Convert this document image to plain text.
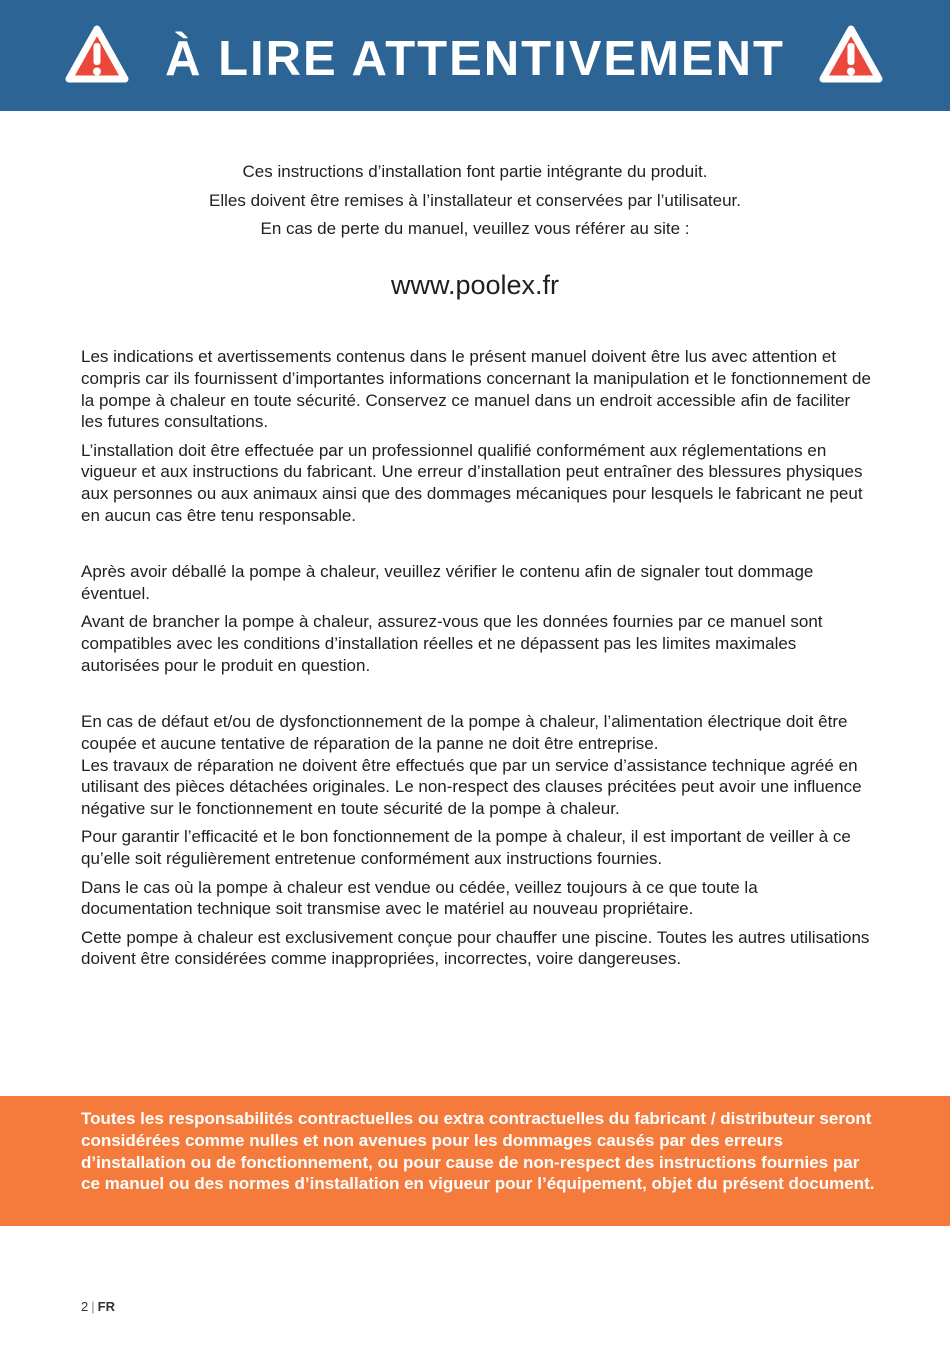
À LIRE ATTENTIVEMENT

Ces instructions d’installation font partie intégrante du produit.

Elles doivent être remises à l’installateur et conservées par l’utilisateur.

En cas de perte du manuel, veuillez vous référer au site :

www.poolex.fr

Les indications et avertissements contenus dans le présent manuel doivent être lus avec attention et compris car ils fournissent d’importantes informations concernant la manipulation et le fonctionnement de la pompe à chaleur en toute sécurité. Conservez ce manuel dans un endroit accessible afin de faciliter les futures consultations.

L’installation doit être effectuée par un professionnel qualifié conformément aux réglementations en vigueur et aux instructions du fabricant. Une erreur d’installation peut entraîner des blessures physiques aux personnes ou aux animaux ainsi que des dommages mécaniques pour lesquels le fabricant ne peut en aucun cas être tenu responsable.

Après avoir déballé la pompe à chaleur, veuillez vérifier le contenu afin de signaler tout dommage éventuel.

Avant de brancher la pompe à chaleur, assurez-vous que les données fournies par ce manuel sont compatibles avec les conditions d’installation réelles et ne dépassent pas les limites maximales autorisées pour le produit en question.

En cas de défaut et/ou de dysfonctionnement de la pompe à chaleur, l’alimentation électrique doit être coupée et aucune tentative de réparation de la panne ne doit être entreprise.
Les travaux de réparation ne doivent être effectués que par un service d’assistance technique agréé en utilisant des pièces détachées originales. Le non-respect des clauses précitées peut avoir une influence négative sur le fonctionnement en toute sécurité de la pompe à chaleur.

Pour garantir l’efficacité et le bon fonctionnement de la pompe à chaleur, il est important de veiller à ce qu’elle soit régulièrement entretenue conformément aux instructions fournies.

Dans le cas où la pompe à chaleur est vendue ou cédée, veillez toujours à ce que toute la documentation technique soit transmise avec le matériel au nouveau propriétaire.

Cette pompe à chaleur est exclusivement conçue pour chauffer une piscine. Toutes les autres utilisations doivent être considérées comme inappropriées, incorrectes, voire dangereuses.

Toutes les responsabilités contractuelles ou extra contractuelles du fabricant / distributeur seront considérées comme nulles et non avenues pour les dommages causés par des erreurs d’installation ou de fonctionnement, ou pour cause de non-respect des instructions fournies par ce manuel ou des normes d’installation en vigueur pour l’équipement, objet du présent document.

2 | FR
